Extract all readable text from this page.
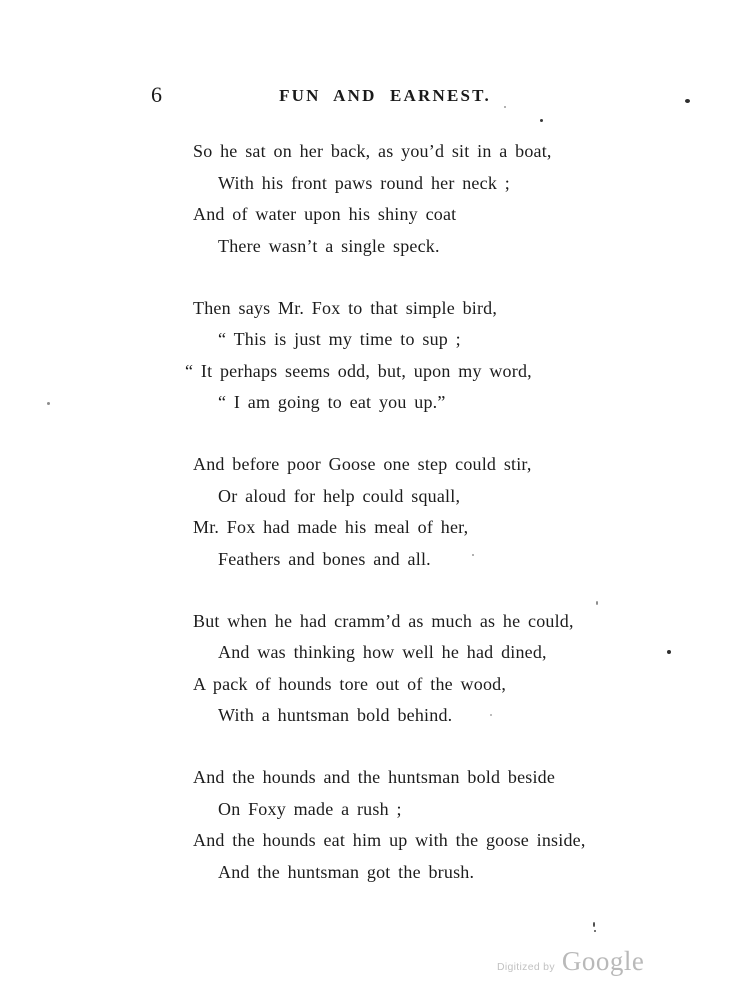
6	FUN AND EARNEST.

So he sat on her back, as you’d sit in a boat,

With his front paws round her neck ;

And of water upon his shiny coat

There wasn’t a single speck.

Then says Mr. Fox to that simple bird,

“ This is just my time to sup ;

“ It perhaps seems odd, but, upon my word,

“ I am going to eat you up.”

And before poor Goose one step could stir,

Or aloud for help could squall,

Mr. Fox had made his meal of her,

Feathers and bones and all.

But when he had cramm’d as much as he could,

And was thinking how well he had dined,

A pack of hounds tore out of the wood,

With a huntsman bold behind.

And the hounds and the huntsman bold beside

On Foxy made a rush ;

And the hounds eat him up with the goose inside,

And the huntsman got the brush.

Digitized by Google
